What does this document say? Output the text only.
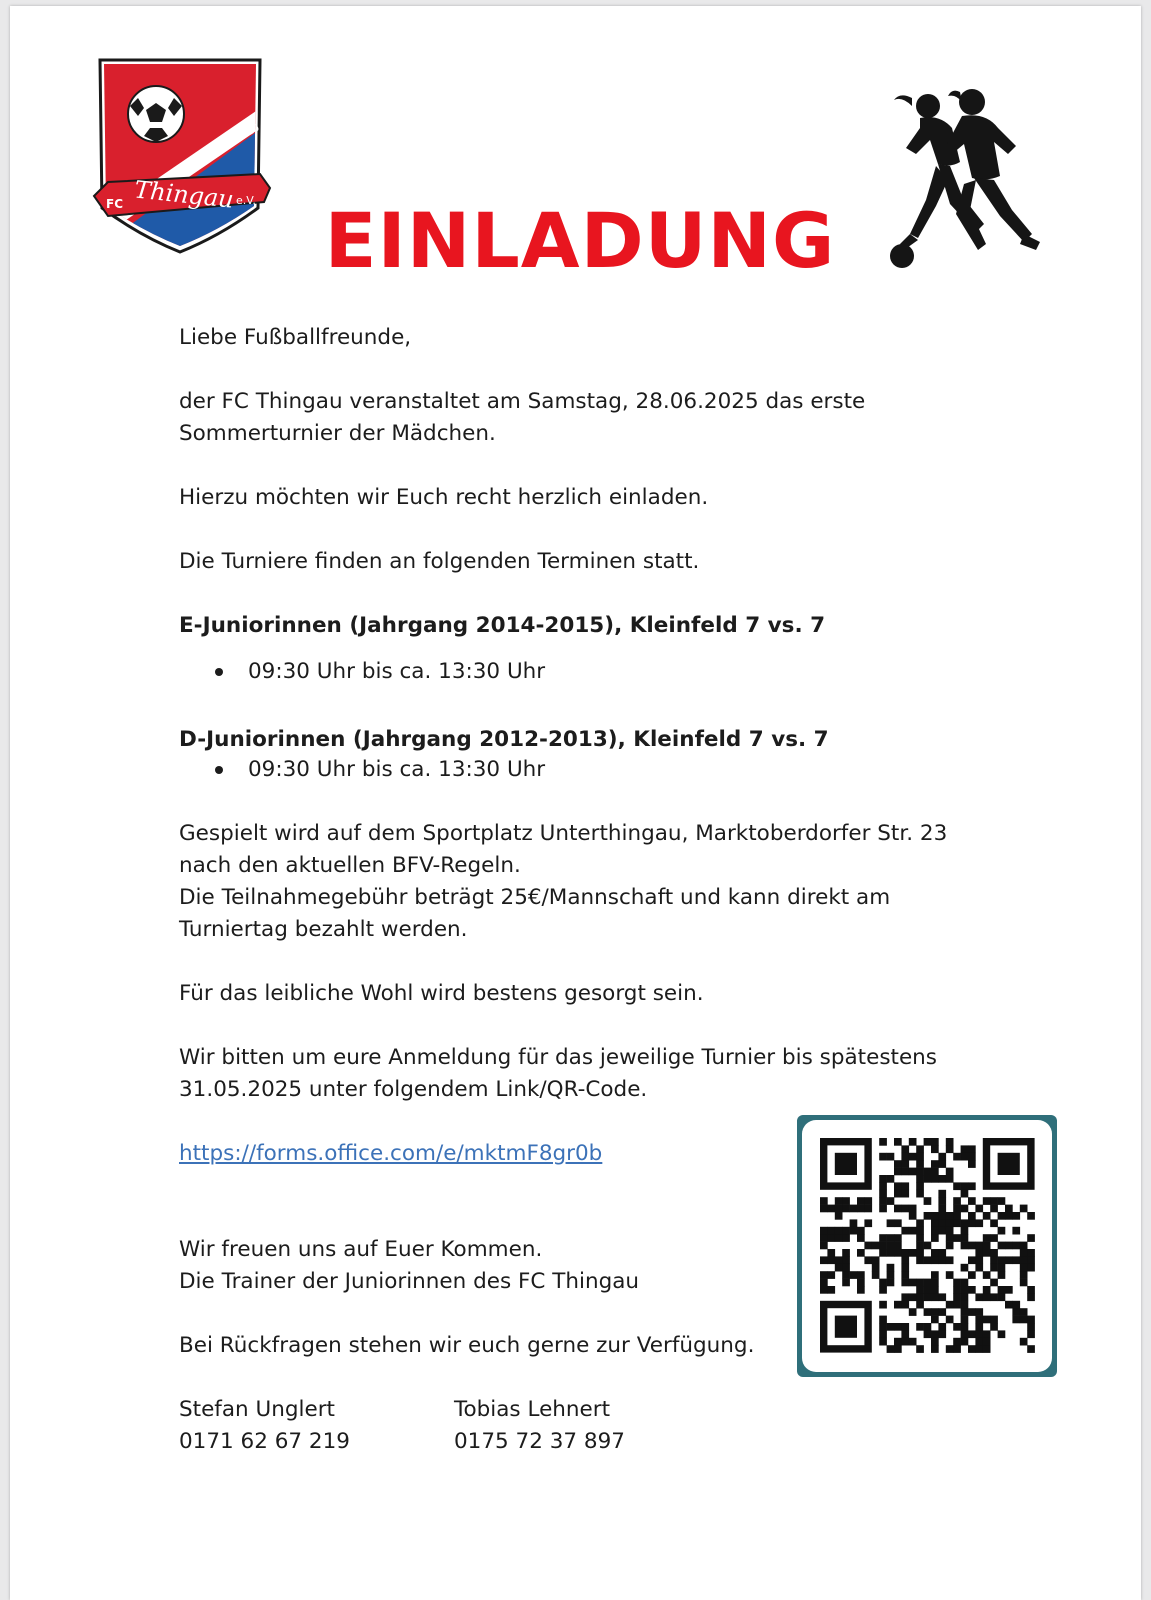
2010
FC Thingau e.V. EINLADUNG
Liebe Fußballfreunde,
der FC Thingau veranstaltet am Samstag, 28.06.2025 das erste
Sommerturnier der Mädchen.
Hierzu möchten wir Euch recht herzlich einladen.
Die Turniere finden an folgenden Terminen statt.
E-Juniorinnen (Jahrgang 2014-2015), Kleinfeld 7 vs. 7
09:30 Uhr bis ca. 13:30 Uhr
D-Juniorinnen (Jahrgang 2012-2013), Kleinfeld 7 vs. 7
09:30 Uhr bis ca. 13:30 Uhr
Gespielt wird auf dem Sportplatz Unterthingau, Marktoberdorfer Str. 23
nach den aktuellen BFV-Regeln.
Die Teilnahmegebühr beträgt 25€/Mannschaft und kann direkt am
Turniertag bezahlt werden.
Für das leibliche Wohl wird bestens gesorgt sein.
Wir bitten um eure Anmeldung für das jeweilige Turnier bis spätestens
31.05.2025 unter folgendem Link/QR-Code.
https://forms.office.com/e/mktmF8gr0b
Wir freuen uns auf Euer Kommen.
Die Trainer der Juniorinnen des FC Thingau
Bei Rückfragen stehen wir euch gerne zur Verfügung.
Stefan Unglert
0171 62 67 219
Tobias Lehnert
0175 72 37 897
